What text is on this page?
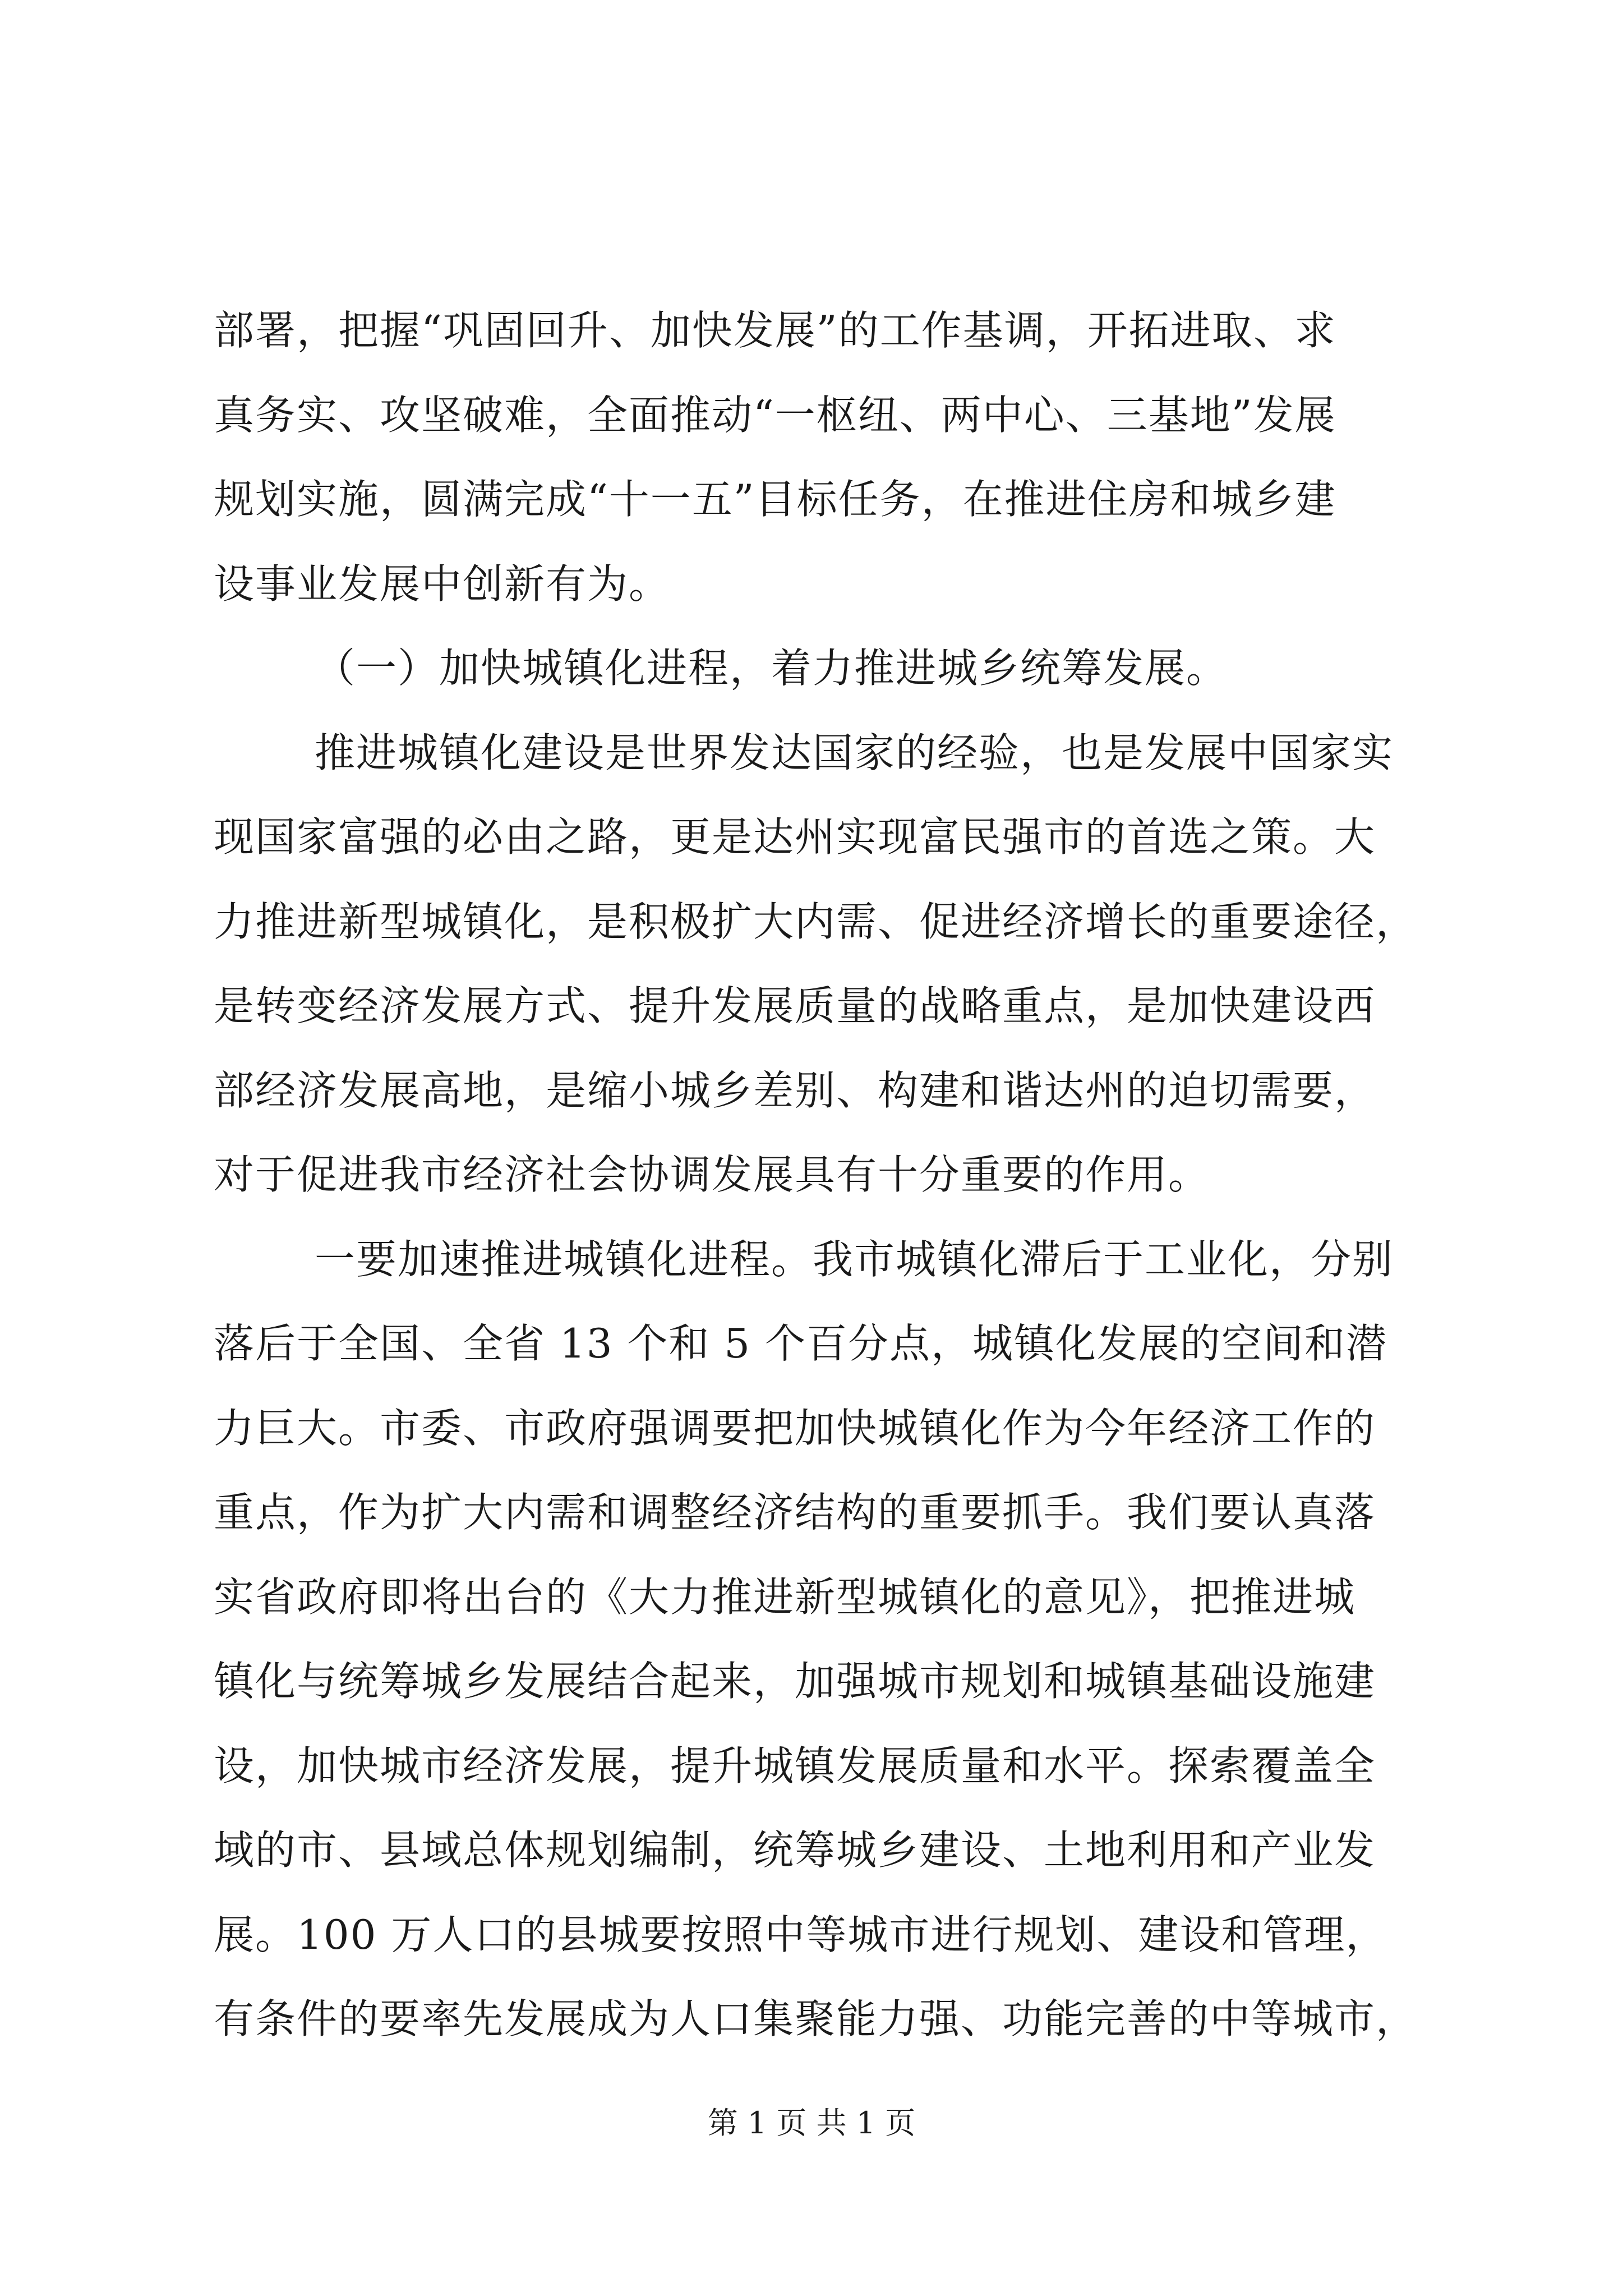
部署，把握“巩固回升、加快发展”的工作基调，开拓进取、求
真务实、攻坚破难，全面推动“一枢纽、两中心、三基地”发展
规划实施，圆满完成“十一五”目标任务，在推进住房和城乡建
设事业发展中创新有为。
（一）加快城镇化进程，着力推进城乡统筹发展。
推进城镇化建设是世界发达国家的经验，也是发展中国家实
现国家富强的必由之路，更是达州实现富民强市的首选之策。大
力推进新型城镇化，是积极扩大内需、促进经济增长的重要途径，
是转变经济发展方式、提升发展质量的战略重点，是加快建设西
部经济发展高地，是缩小城乡差别、构建和谐达州的迫切需要，
对于促进我市经济社会协调发展具有十分重要的作用。
一要加速推进城镇化进程。我市城镇化滞后于工业化，分别
落后于全国、全省 13 个和 5 个百分点，城镇化发展的空间和潜
力巨大。市委、市政府强调要把加快城镇化作为今年经济工作的
重点，作为扩大内需和调整经济结构的重要抓手。我们要认真落
实省政府即将出台的《大力推进新型城镇化的意见》，把推进城
镇化与统筹城乡发展结合起来，加强城市规划和城镇基础设施建
设，加快城市经济发展，提升城镇发展质量和水平。探索覆盖全
域的市、县域总体规划编制，统筹城乡建设、土地利用和产业发
展。100 万人口的县城要按照中等城市进行规划、建设和管理，
有条件的要率先发展成为人口集聚能力强、功能完善的中等城市，
第 1 页 共 1 页
